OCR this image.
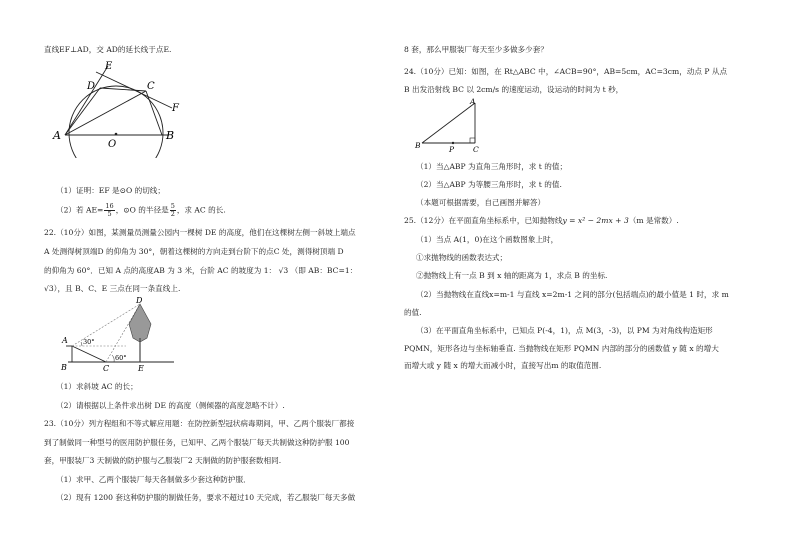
直线EF⊥AD，交 AD的延长线于点E.
E
D	C
F
A
O
B
（1）证明：EF 是⊙O 的切线；
（2）若 $AE= \frac{16}{5}$ ，⊙O 的半径是 $\frac{5}{2}$ ，求 AC 的长.
22.（10分）如图，某测量员测量公园内一棵树 DE 的高度，他们在这棵树左侧一斜坡上端点
A 处测得树顶端D 的仰角为 30°，朝着这棵树的方向走到台阶下的点C 处，测得树顶端 D
的仰角为 60°．已知 A 点的高度AB 为 3 米，台阶 AC 的坡度为 1： √3 （即 AB：BC=1：
√3），且 B、C、E 三点在同一条直线上.
D
A
B	C	E
30°
60°
（1）求斜坡 AC 的长；
（2）请根据以上条件求出树 DE 的高度（侧倾器的高度忽略不计）.
23.（10分）列方程组和不等式解应用题：在防控新型冠状病毒期间，甲、乙两个服装厂都接
到了制做同一种型号的医用防护服任务，已知甲、乙两个服装厂每天共制做这种防护服 100
套，甲服装厂3 天制做的防护服与乙服装厂2 天制做的防护服套数相同.
（1）求甲、乙两个服装厂每天各制做多少套这种防护服．
（2）现有 1200 套这种防护服的制做任务，要求不超过10 天完成，若乙服装厂每天多做
8 套，那么甲服装厂每天至少多做多少套？
24.（10分）已知：如图，在 Rt△ABC 中，∠ACB=90°，AB=5cm，AC=3cm，动点 P 从点
B 出发沿射线 BC 以 2cm/s 的速度运动，设运动的时间为 t 秒，
A
B	P	C
（1）当△ABP 为直角三角形时，求 t 的值；
（2）当△ABP 为等腰三角形时，求 t 的值.
（本题可根据需要，自己画图并解答）
25.（12分）在平面直角坐标系中，已知抛物线y = x² − 2mx + 3（m 是常数）.
（1）当点 A(1，0)在这个函数图象上时，
①求抛物线的函数表达式；
②抛物线上有一点 B 到 x 轴的距离为 1，求点 B 的坐标.
（2）当抛物线在直线x=m-1 与直线 x=2m-1 之间的部分(包括端点)的最小值是 1 时，求 m
的值.
（3）在平面直角坐标系中，已知点 P(-4，1)，点 M(3，-3)，以 PM 为对角线构造矩形
PQMN，矩形各边与坐标轴垂直. 当抛物线在矩形 PQMN 内部的部分的函数值 y 随 x 的增大
而增大或 y 随 x 的增大而减小时，直接写出m 的取值范围.
